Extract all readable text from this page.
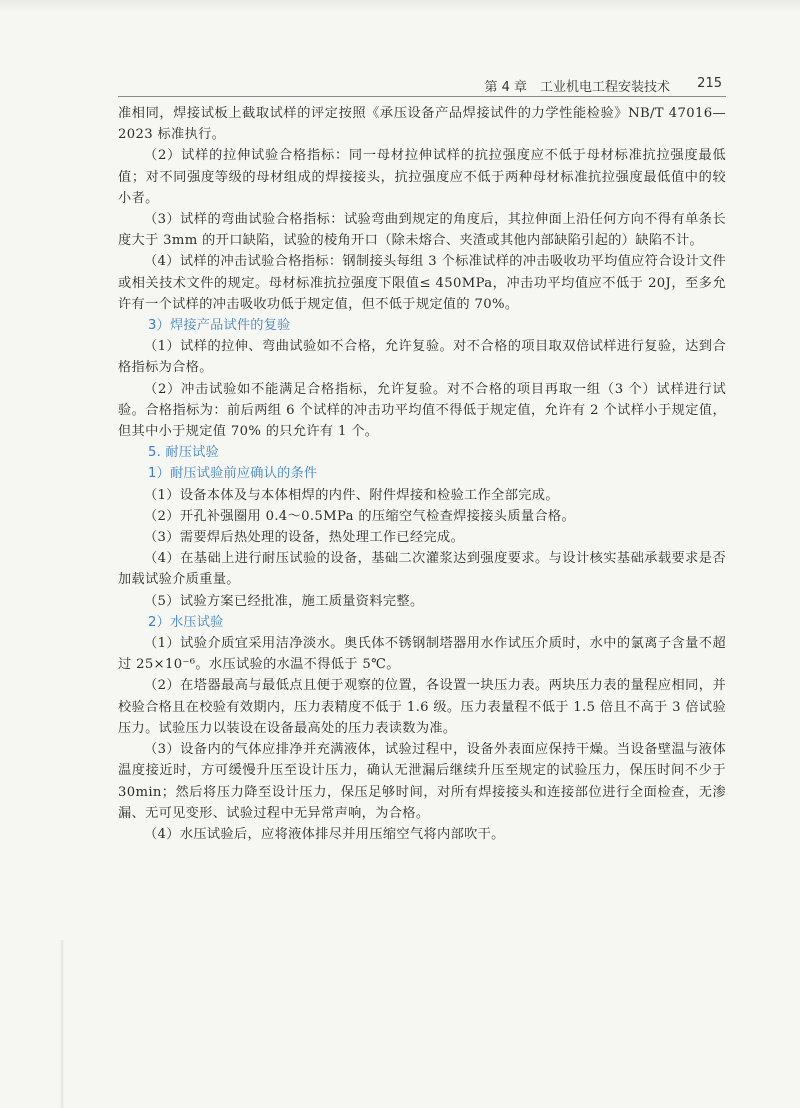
第 4 章　工业机电工程安装技术 215

准相同，焊接试板上截取试样的评定按照《承压设备产品焊接试件的力学性能检验》NB/T 47016—2023 标准执行。

（2）试样的拉伸试验合格指标：同一母材拉伸试样的抗拉强度应不低于母材标准抗拉强度最低值；对不同强度等级的母材组成的焊接接头，抗拉强度应不低于两种母材标准抗拉强度最低值中的较小者。

（3）试样的弯曲试验合格指标：试验弯曲到规定的角度后，其拉伸面上沿任何方向不得有单条长度大于 3mm 的开口缺陷，试验的棱角开口（除未熔合、夹渣或其他内部缺陷引起的）缺陷不计。

（4）试样的冲击试验合格指标：钢制接头每组 3 个标准试样的冲击吸收功平均值应符合设计文件或相关技术文件的规定。母材标准抗拉强度下限值≤ 450MPa，冲击功平均值应不低于 20J，至多允许有一个试样的冲击吸收功低于规定值，但不低于规定值的 70%。

3）焊接产品试件的复验

（1）试样的拉伸、弯曲试验如不合格，允许复验。对不合格的项目取双倍试样进行复验，达到合格指标为合格。

（2）冲击试验如不能满足合格指标，允许复验。对不合格的项目再取一组（3 个）试样进行试验。合格指标为：前后两组 6 个试样的冲击功平均值不得低于规定值，允许有 2 个试样小于规定值，但其中小于规定值 70% 的只允许有 1 个。

5. 耐压试验
1）耐压试验前应确认的条件

（1）设备本体及与本体相焊的内件、附件焊接和检验工作全部完成。

（2）开孔补强圈用 0.4～0.5MPa 的压缩空气检查焊接接头质量合格。

（3）需要焊后热处理的设备，热处理工作已经完成。

（4）在基础上进行耐压试验的设备，基础二次灌浆达到强度要求。与设计核实基础承载要求是否加载试验介质重量。

（5）试验方案已经批准，施工质量资料完整。

2）水压试验

（1）试验介质宜采用洁净淡水。奥氏体不锈钢制塔器用水作试压介质时，水中的氯离子含量不超过 25×10⁻⁶。水压试验的水温不得低于 5℃。

（2）在塔器最高与最低点且便于观察的位置，各设置一块压力表。两块压力表的量程应相同，并校验合格且在校验有效期内，压力表精度不低于 1.6 级。压力表量程不低于 1.5 倍且不高于 3 倍试验压力。试验压力以装设在设备最高处的压力表读数为准。

（3）设备内的气体应排净并充满液体，试验过程中，设备外表面应保持干燥。当设备壁温与液体温度接近时，方可缓慢升压至设计压力，确认无泄漏后继续升压至规定的试验压力，保压时间不少于 30min；然后将压力降至设计压力，保压足够时间，对所有焊接接头和连接部位进行全面检查，无渗漏、无可见变形、试验过程中无异常声响，为合格。

（4）水压试验后，应将液体排尽并用压缩空气将内部吹干。
